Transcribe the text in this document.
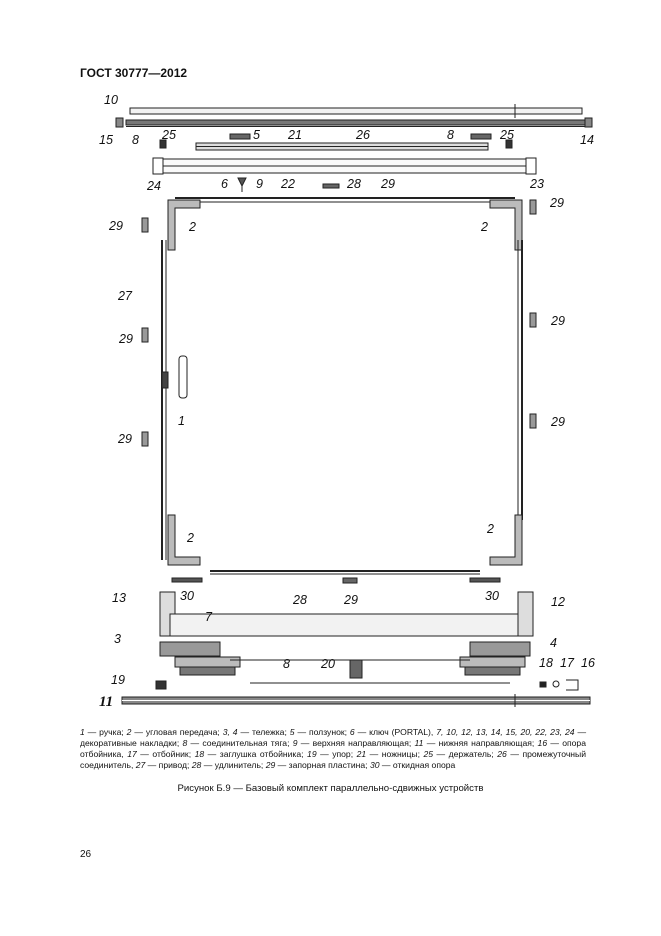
ГОСТ 30777—2012
10
15 8 25	5 21	26	8	25	14
24	6 9 22	28 29	23
29
2	2
29
27
29
29
1
29
29
2
2
13	30
7
28	29	30	12
3	4
8 20	18 17 16
19
11
1 — ручка; 2 — угловая передача; 3, 4 — тележка; 5 — ползунок; 6 — ключ (PORTAL), 7, 10, 12, 13, 14, 15, 20, 22, 23, 24 — декоративные накладки; 8 — соединительная тяга; 9 — верхняя направляющая; 11 — нижняя направляющая; 16 — опора отбойника, 17 — отбойник; 18 — заглушка отбойника; 19 — упор; 21 — ножницы; 25 — держатель; 26 — промежуточный соединитель, 27 — привод; 28 — удлинитель; 29 — запорная пластина; 30 — откидная опора
Рисунок Б.9 — Базовый комплект параллельно-сдвижных устройств
26
